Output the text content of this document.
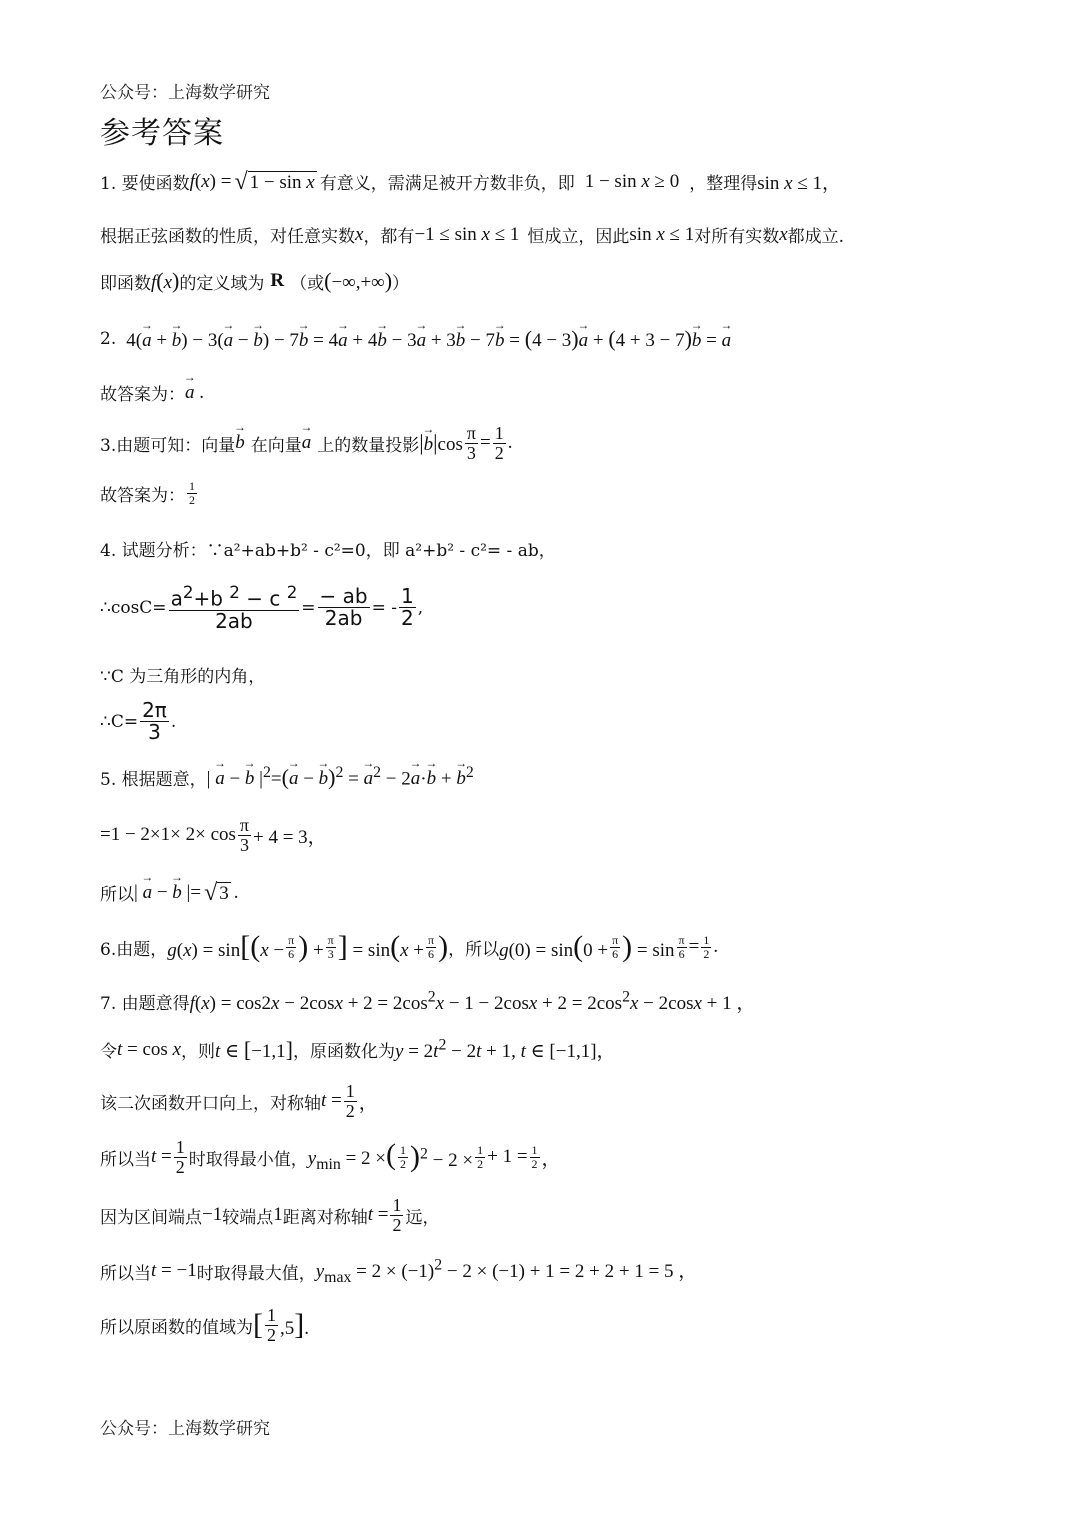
公众号：上海数学研究
参考答案
1. 要使函数 f(x) = √ 1 − sin x 有意义，需满足被开方数非负，即 1 − sin x ≥ 0 ，整理得 sin x ≤ 1，
根据正弦函数的性质，对任意实数 x ，都有 −1 ≤ sin x ≤ 1 恒成立，因此 sin x ≤ 1 对所有实数 x 都成立.
即函数 f(x) 的定义域为 R （或 (−∞,+∞) ）
2. 4(a → + b →) − 3(a → − b →) − 7b → = 4a → + 4b → − 3a → + 3b → − 7b → = (4 − 3)a → + (4 + 3 − 7)b → = a →
故答案为： a → .
3.由题可知：向量 b → 在向量 a → 上的数量投影 $|b \to|\cos \frac{\pi}{3} = \frac{1}{2}$ .
故答案为： $\frac{1}{2}$
4. 试题分析：∵a²+ab+b² - c²=0，即 a²+b² - c²= - ab，
∴cosC= $\frac{a^2+b ^2 - c ^2}{2ab} = \frac{- ab}{2ab}$ = - $\frac{1}{2}$ ,
∵C 为三角形的内角，
∴C= $\frac{2\pi}{3}$ .
5. 根据题意， | a → − $b \to |^2=(a$ → − b →)$^2$ = a →$^2$ − 2a →·b → + b →$^2$
$=1 - 2\times 1\times 2\times \cos \frac{\pi}{3} + 4 = 3$，
所以 | a → − b → |= √ 3 .
6.由题， $g(x) = \sin[(x - \frac{\pi}{6}$ ) + $\frac{\pi}{3}$ ] = $\sin(x + \frac{\pi}{6}$ ) ，所以 $g(0) = \sin(0 + \frac{\pi}{6}$ ) = $\sin \frac{\pi}{6} = \frac{1}{2}$ .
7. 由题意得 $f(x) = \cos 2x - 2\cos x + 2 = 2\cos^2x - 1 - 2\cos x + 2 = 2\cos^2x - 2\cos x + 1$ ，
令 t = cos x ，则 t ∈ [−1,1] ，原函数化为 $y = 2t^2 - 2t + 1$, t ∈ [−1,1]，
该二次函数开口向上，对称轴 $t = \frac{1}{2}$ ，
所以当 $t = \frac{1}{2}$ 时取得最小值， $y_{min} = 2$ ×( $\frac{1}{2} )^2 - 2 \times \frac{1}{2} + 1 = \frac{1}{2}$ ，
因为区间端点 −1 较端点 1 距离对称轴 $t = \frac{1}{2}$ 远，
所以当 t = −1 时取得最大值， $y_{max} = 2 \times (-1)^2 - 2 \times (-1) + 1 = 2 + 2 + 1 = 5$ ，
所以原函数的值域为 [ $\frac{1}{2} ,5$].
公众号：上海数学研究
